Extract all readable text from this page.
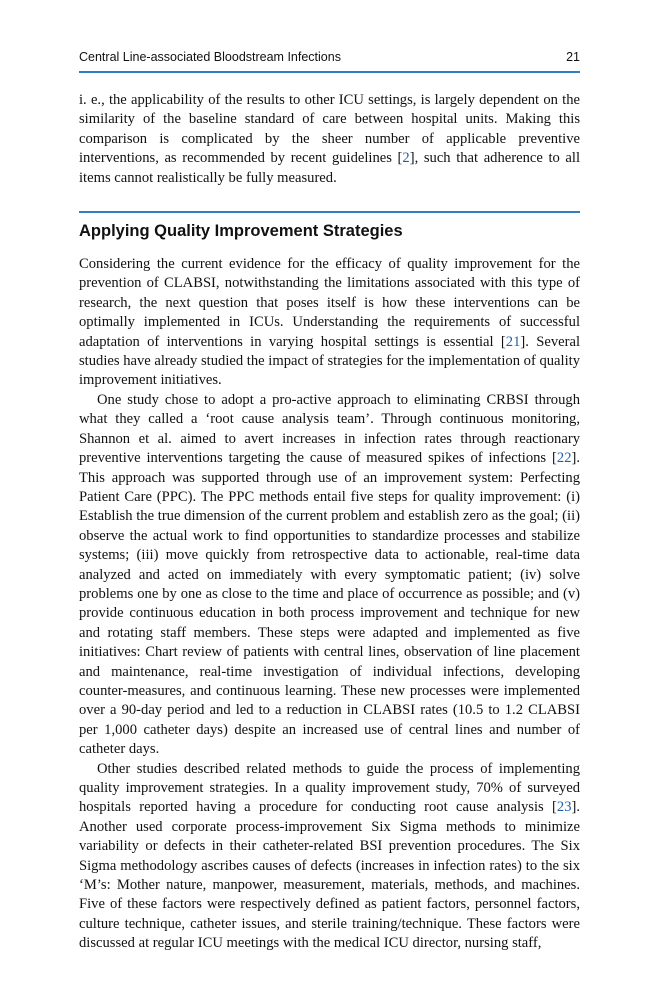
Central Line-associated Bloodstream Infections	21

i. e., the applicability of the results to other ICU settings, is largely dependent on the similarity of the baseline standard of care between hospital units. Making this comparison is complicated by the sheer number of applicable preventive interventions, as recommended by recent guidelines [2], such that adherence to all items cannot realistically be fully measured.

Applying Quality Improvement Strategies

Considering the current evidence for the efficacy of quality improvement for the prevention of CLABSI, notwithstanding the limitations associated with this type of research, the next question that poses itself is how these interventions can be optimally implemented in ICUs. Understanding the requirements of successful adaptation of interventions in varying hospital settings is essential [21]. Several studies have already studied the impact of strategies for the implementation of quality improvement initiatives.

One study chose to adopt a pro-active approach to eliminating CRBSI through what they called a ‘root cause analysis team’. Through continuous monitoring, Shannon et al. aimed to avert increases in infection rates through reactionary preventive interventions targeting the cause of measured spikes of infections [22]. This approach was supported through use of an improvement system: Perfecting Patient Care (PPC). The PPC methods entail five steps for quality improvement: (i) Establish the true dimension of the current problem and establish zero as the goal; (ii) observe the actual work to find opportunities to standardize processes and stabilize systems; (iii) move quickly from retrospective data to actionable, real-time data analyzed and acted on immediately with every symptomatic patient; (iv) solve problems one by one as close to the time and place of occurrence as possible; and (v) provide continuous education in both process improvement and technique for new and rotating staff members. These steps were adapted and implemented as five initiatives: Chart review of patients with central lines, observation of line placement and maintenance, real-time investigation of individual infections, developing counter-measures, and continuous learning. These new processes were implemented over a 90-day period and led to a reduction in CLABSI rates (10.5 to 1.2 CLABSI per 1,000 catheter days) despite an increased use of central lines and number of catheter days.

Other studies described related methods to guide the process of implementing quality improvement strategies. In a quality improvement study, 70% of surveyed hospitals reported having a procedure for conducting root cause analysis [23]. Another used corporate process-improvement Six Sigma methods to minimize variability or defects in their catheter-related BSI prevention procedures. The Six Sigma methodology ascribes causes of defects (increases in infection rates) to the six ‘M’s: Mother nature, manpower, measurement, materials, methods, and machines. Five of these factors were respectively defined as patient factors, personnel factors, culture technique, catheter issues, and sterile training/technique. These factors were discussed at regular ICU meetings with the medical ICU director, nursing staff,
